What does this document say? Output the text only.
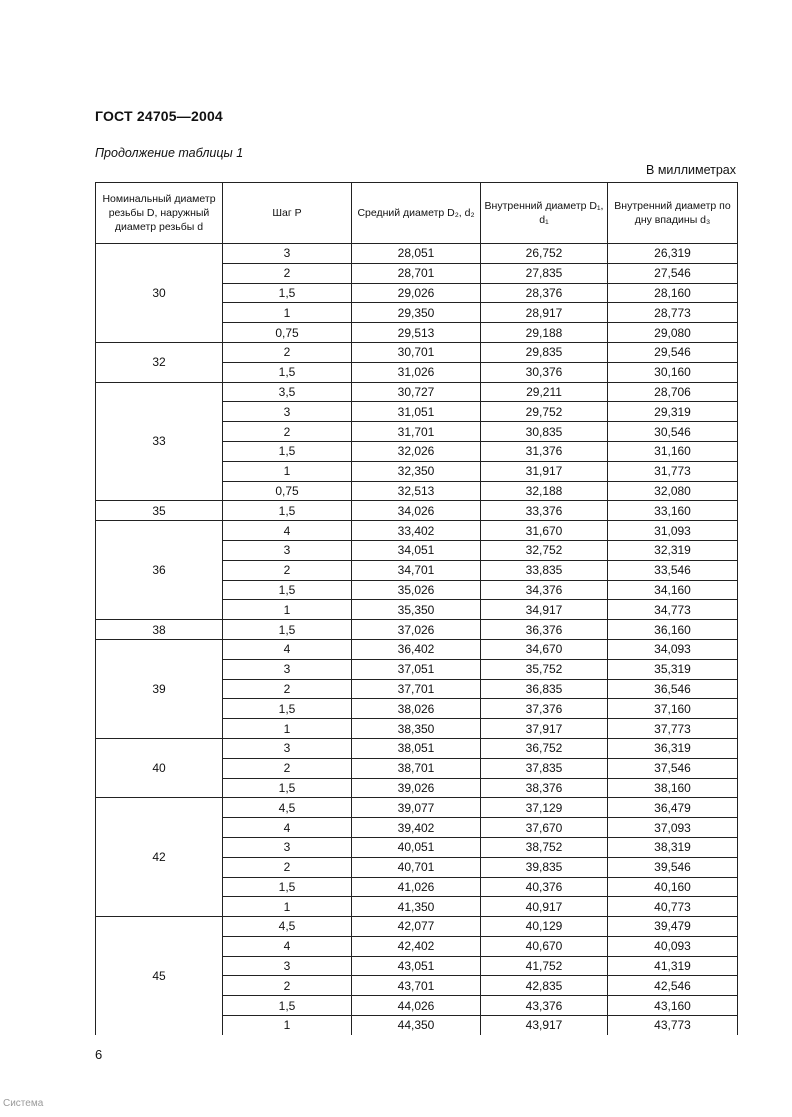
ГОСТ 24705—2004
Продолжение таблицы 1
В миллиметрах
Номинальный диаметр резьбы D, наружный диаметр резьбы d	Шаг P	Средний диаметр D₂, d₂	Внутренний диаметр D₁, d₁	Внутренний диаметр по дну впадины d₃
30	3	28,051	26,752	26,319
	2	28,701	27,835	27,546
	1,5	29,026	28,376	28,160
	1	29,350	28,917	28,773
	0,75	29,513	29,188	29,080
32	2	30,701	29,835	29,546
	1,5	31,026	30,376	30,160
33	3,5	30,727	29,211	28,706
	3	31,051	29,752	29,319
	2	31,701	30,835	30,546
	1,5	32,026	31,376	31,160
	1	32,350	31,917	31,773
	0,75	32,513	32,188	32,080
35	1,5	34,026	33,376	33,160
36	4	33,402	31,670	31,093
	3	34,051	32,752	32,319
	2	34,701	33,835	33,546
	1,5	35,026	34,376	34,160
	1	35,350	34,917	34,773
38	1,5	37,026	36,376	36,160
39	4	36,402	34,670	34,093
	3	37,051	35,752	35,319
	2	37,701	36,835	36,546
	1,5	38,026	37,376	37,160
	1	38,350	37,917	37,773
40	3	38,051	36,752	36,319
	2	38,701	37,835	37,546
	1,5	39,026	38,376	38,160
42	4,5	39,077	37,129	36,479
	4	39,402	37,670	37,093
	3	40,051	38,752	38,319
	2	40,701	39,835	39,546
	1,5	41,026	40,376	40,160
	1	41,350	40,917	40,773
45	4,5	42,077	40,129	39,479
	4	42,402	40,670	40,093
	3	43,051	41,752	41,319
	2	43,701	42,835	42,546
	1,5	44,026	43,376	43,160
	1	44,350	43,917	43,773
6
Система
